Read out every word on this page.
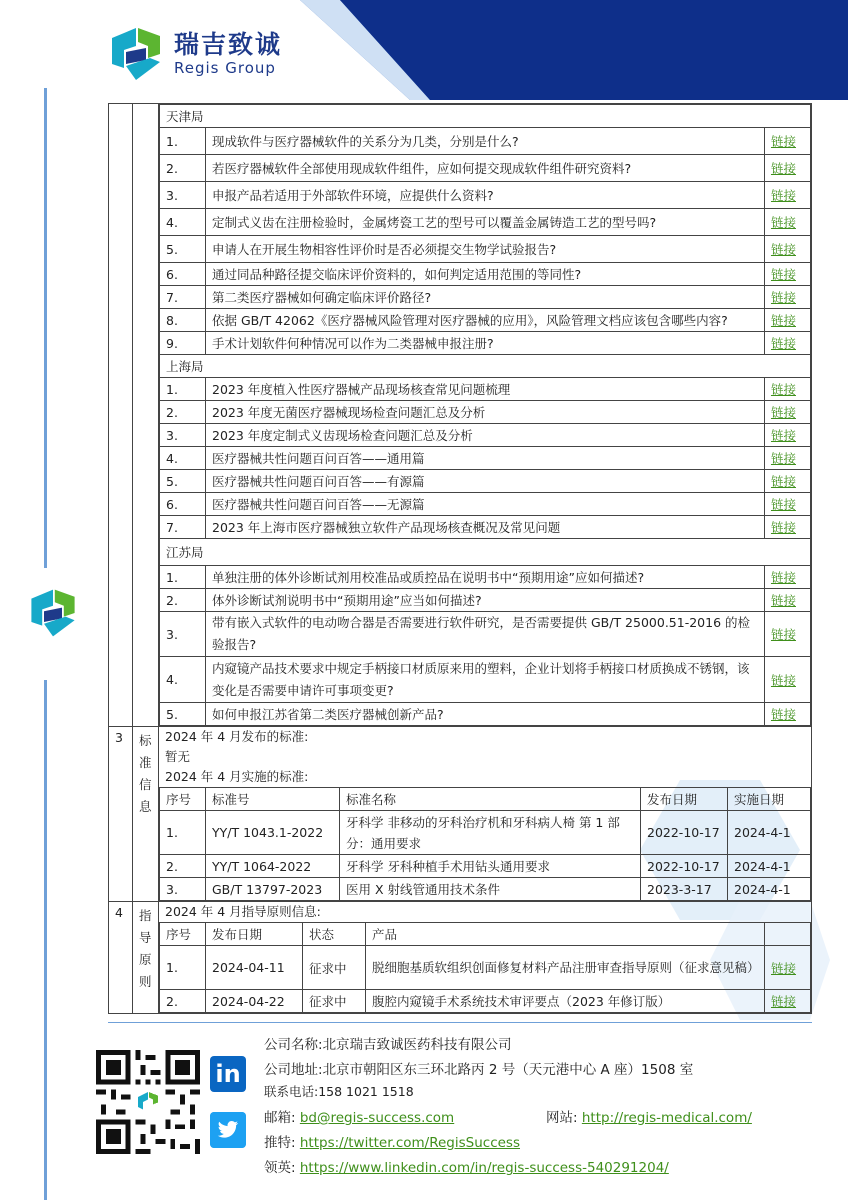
瑞吉致诚
Regis Group

天津局
1.	现成软件与医疗器械软件的关系分为几类，分别是什么?	链接
2.	若医疗器械软件全部使用现成软件组件，应如何提交现成软件组件研究资料?	链接
3.	申报产品若适用于外部软件环境，应提供什么资料?	链接
4.	定制式义齿在注册检验时，金属烤瓷工艺的型号可以覆盖金属铸造工艺的型号吗?	链接
5.	申请人在开展生物相容性评价时是否必须提交生物学试验报告?	链接
6.	通过同品种路径提交临床评价资料的，如何判定适用范围的等同性?	链接
7.	第二类医疗器械如何确定临床评价路径?	链接
8.	依据 GB/T 42062《医疗器械风险管理对医疗器械的应用》，风险管理文档应该包含哪些内容?	链接
9.	手术计划软件何种情况可以作为二类器械申报注册?	链接
上海局
1.	2023 年度植入性医疗器械产品现场核查常见问题梳理	链接
2.	2023 年度无菌医疗器械现场检查问题汇总及分析	链接
3.	2023 年度定制式义齿现场检查问题汇总及分析	链接
4.	医疗器械共性问题百问百答——通用篇	链接
5.	医疗器械共性问题百问百答——有源篇	链接
6.	医疗器械共性问题百问百答——无源篇	链接
7.	2023 年上海市医疗器械独立软件产品现场核查概况及常见问题	链接
江苏局
1.	单独注册的体外诊断试剂用校准品或质控品在说明书中“预期用途”应如何描述?	链接
2.	体外诊断试剂说明书中“预期用途”应当如何描述?	链接
3.	带有嵌入式软件的电动吻合器是否需要进行软件研究，是否需要提供 GB/T 25000.51-2016 的检验报告?	链接
4.	内窥镜产品技术要求中规定手柄接口材质原来用的塑料，企业计划将手柄接口材质换成不锈钢，该变化是否需要申请许可事项变更?	链接
5.	如何申报江苏省第二类医疗器械创新产品?	链接

3	标准信息	
2024 年 4 月发布的标准:
暂无
2024 年 4 月实施的标准:
序号	标准号	标准名称	发布日期	实施日期
1.	YY/T 1043.1-2022	牙科学 非移动的牙科治疗机和牙科病人椅 第 1 部分：通用要求	2022-10-17	2024-4-1
2.	YY/T 1064-2022	牙科学 牙科种植手术用钻头通用要求	2022-10-17	2024-4-1
3.	GB/T 13797-2023	医用 X 射线管通用技术条件	2023-3-17	2024-4-1

4	指导原则	
2024 年 4 月指导原则信息:
序号	发布日期	状态	产品	
1.	2024-04-11	征求中	脱细胞基质软组织创面修复材料产品注册审查指导原则（征求意见稿）	链接
2.	2024-04-22	征求中	腹腔内窥镜手术系统技术审评要点（2023 年修订版）	链接
in
公司名称:北京瑞吉致诚医药科技有限公司
公司地址:北京市朝阳区东三环北路丙 2 号（天元港中心 A 座）1508 室
联系电话:158 1021 1518
邮箱: bd@regis-success.com	网站: http://regis-medical.com/
推特: https://twitter.com/RegisSuccess
领英: https://www.linkedin.com/in/regis-success-540291204/
